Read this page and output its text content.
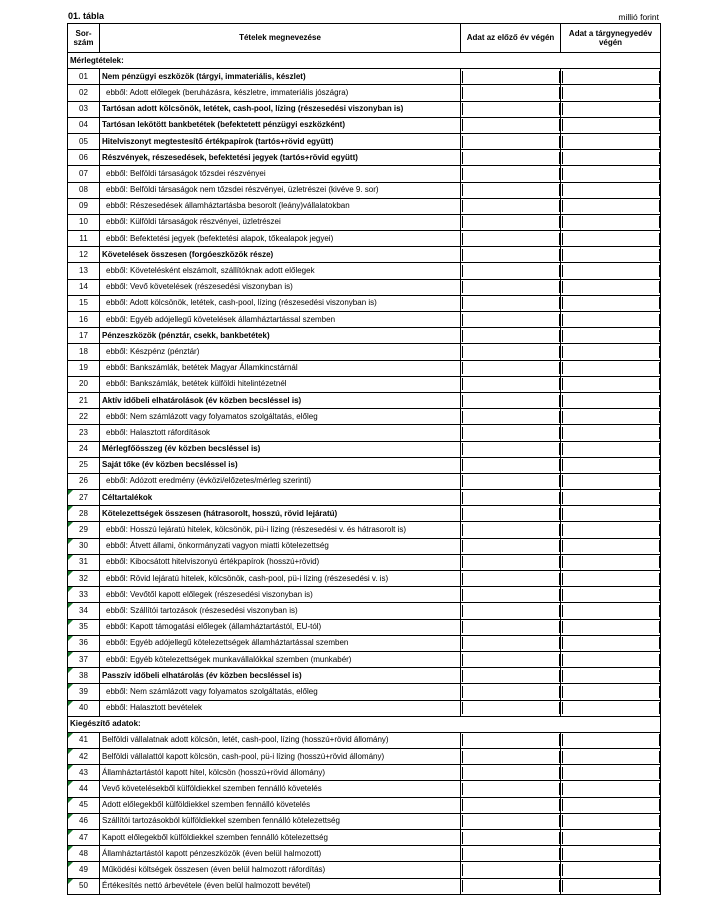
01. tábla	millió forint
Sor-
szám	Tételek megnevezése	Adat az előző év végén	Adat a tárgynegyedév végén
Mérlegtételek:			
01	Nem pénzügyi eszközök (tárgyi, immateriális, készlet)	

02	ebből: Adott előlegek (beruházásra, készletre, immateriális jószágra)	

03	Tartósan adott kölcsönök, letétek, cash-pool, lízing (részesedési viszonyban is)	

04	Tartósan lekötött bankbetétek (befektetett pénzügyi eszközként)	

05	Hitelviszonyt megtestesítő értékpapírok (tartós+rövid együtt)	

06	Részvények, részesedések, befektetési jegyek (tartós+rövid együtt)	

07	ebből: Belföldi társaságok tőzsdei részvényei	

08	ebből: Belföldi társaságok nem tőzsdei részvényei, üzletrészei (kivéve 9. sor)	

09	ebből: Részesedések államháztartásba besorolt (leány)vállalatokban	

10	ebből: Külföldi társaságok részvényei, üzletrészei	

11	ebből: Befektetési jegyek (befektetési alapok, tőkealapok jegyei)	

12	Követelések összesen (forgóeszközök része)	

13	ebből: Követelésként elszámolt, szállítóknak adott előlegek	

14	ebből: Vevő követelések (részesedési viszonyban is)	

15	ebből: Adott kölcsönök, letétek, cash-pool, lízing (részesedési viszonyban is)	

16	ebből: Egyéb adójellegű követelések államháztartással szemben	

17	Pénzeszközök (pénztár, csekk, bankbetétek)	

18	ebből: Készpénz (pénztár)	

19	ebből: Bankszámlák, betétek Magyar Államkincstárnál	

20	ebből: Bankszámlák, betétek külföldi hitelintézetnél	

21	Aktív időbeli elhatárolások (év közben becsléssel is)	

22	ebből: Nem számlázott vagy folyamatos szolgáltatás, előleg	

23	ebből: Halasztott ráfordítások	

24	Mérlegfőösszeg (év közben becsléssel is)	

25	Saját tőke (év közben becsléssel is)	

26	ebből: Adózott eredmény (évközi/előzetes/mérleg szerinti)	

27	Céltartalékok	

28	Kötelezettségek összesen (hátrasorolt, hosszú, rövid lejáratú)	

29	ebből: Hosszú lejáratú hitelek, kölcsönök, pü-i lízing (részesedési v. és hátrasorolt is)	

30	ebből: Átvett állami, önkormányzati vagyon miatti kötelezettség	

31	ebből: Kibocsátott hitelviszonyú értékpapírok (hosszú+rövid)	

32	ebből: Rövid lejáratú hitelek, kölcsönök, cash-pool, pü-i lízing (részesedési v. is)	

33	ebből: Vevőtől kapott előlegek (részesedési viszonyban is)	

34	ebből: Szállítói tartozások (részesedési viszonyban is)	

35	ebből: Kapott támogatási előlegek (államháztartástól, EU-tól)	

36	ebből: Egyéb adójellegű kötelezettségek államháztartással szemben	

37	ebből: Egyéb kötelezettségek munkavállalókkal szemben (munkabér)	

38	Passzív időbeli elhatárolás (év közben becsléssel is)	

39	ebből: Nem számlázott vagy folyamatos szolgáltatás, előleg	

40	ebből: Halasztott bevételek	

Kiegészítő adatok:			
41	Belföldi vállalatnak adott kölcsön, letét, cash-pool, lízing (hosszú+rövid állomány)	

42	Belföldi vállalattól kapott kölcsön, cash-pool, pü-i lízing (hosszú+rövid állomány)	

43	Államháztartástól kapott hitel, kölcsön (hosszú+rövid állomány)	

44	Vevő követelésekből külföldiekkel szemben fennálló követelés	

45	Adott előlegekből külföldiekkel szemben fennálló követelés	

46	Szállítói tartozásokból külföldiekkel szemben fennálló kötelezettség	

47	Kapott előlegekből külföldiekkel szemben fennálló kötelezettség	

48	Államháztartástól kapott pénzeszközök (éven belül halmozott)	

49	Működési költségek összesen (éven belül halmozott ráfordítás)	

50	Értékesítés nettó árbevétele (éven belül halmozott bevétel)	
